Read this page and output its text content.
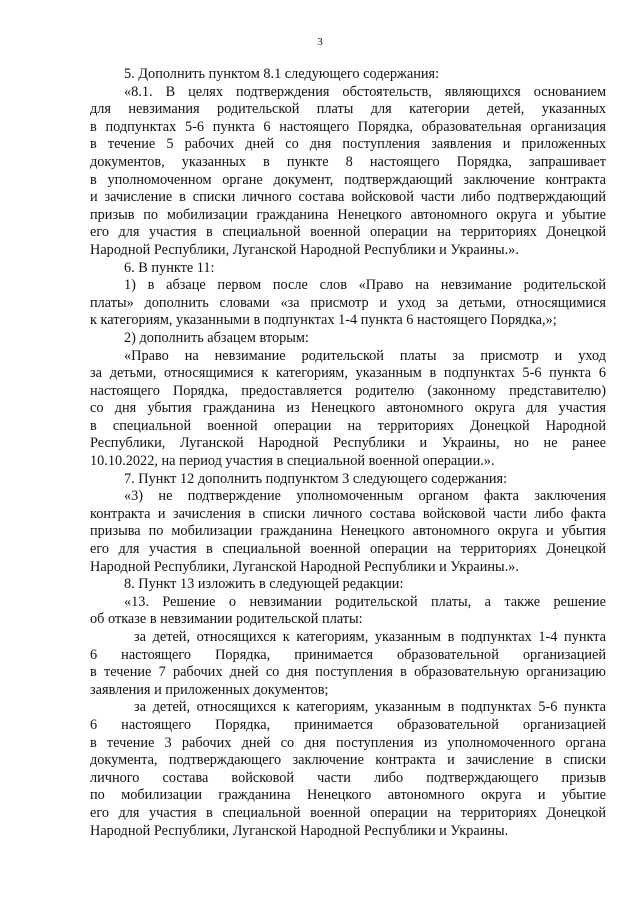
3
5. Дополнить пунктом 8.1 следующего содержания:
«8.1. В целях подтверждения обстоятельств, являющихся основанием
для невзимания родительской платы для категории детей, указанных
в подпунктах 5-6 пункта 6 настоящего Порядка, образовательная организация
в течение 5 рабочих дней со дня поступления заявления и приложенных
документов, указанных в пункте 8 настоящего Порядка, запрашивает
в уполномоченном органе документ, подтверждающий заключение контракта
и зачисление в списки личного состава войсковой части либо подтверждающий
призыв по мобилизации гражданина Ненецкого автономного округа и убытие
его для участия в специальной военной операции на территориях Донецкой
Народной Республики, Луганской Народной Республики и Украины.».
6. В пункте 11:
1) в абзаце первом после слов «Право на невзимание родительской
платы» дополнить словами «за присмотр и уход за детьми, относящимися
к категориям, указанными в подпунктах 1-4 пункта 6 настоящего Порядка,»;
2) дополнить абзацем вторым:
«Право на невзимание родительской платы за присмотр и уход
за детьми, относящимися к категориям, указанным в подпунктах 5-6 пункта 6
настоящего Порядка, предоставляется родителю (законному представителю)
со дня убытия гражданина из Ненецкого автономного округа для участия
в специальной военной операции на территориях Донецкой Народной
Республики, Луганской Народной Республики и Украины, но не ранее
10.10.2022, на период участия в специальной военной операции.».
7. Пункт 12 дополнить подпунктом 3 следующего содержания:
«3) не подтверждение уполномоченным органом факта заключения
контракта и зачисления в списки личного состава войсковой части либо факта
призыва по мобилизации гражданина Ненецкого автономного округа и убытия
его для участия в специальной военной операции на территориях Донецкой
Народной Республики, Луганской Народной Республики и Украины.».
8. Пункт 13 изложить в следующей редакции:
«13. Решение о невзимании родительской платы, а также решение
об отказе в невзимании родительской платы:
за детей, относящихся к категориям, указанным в подпунктах 1-4 пункта
6 настоящего Порядка, принимается образовательной организацией
в течение 7 рабочих дней со дня поступления в образовательную организацию
заявления и приложенных документов;
за детей, относящихся к категориям, указанным в подпунктах 5-6 пункта
6 настоящего Порядка, принимается образовательной организацией
в течение 3 рабочих дней со дня поступления из уполномоченного органа
документа, подтверждающего заключение контракта и зачисление в списки
личного состава войсковой части либо подтверждающего призыв
по мобилизации гражданина Ненецкого автономного округа и убытие
его для участия в специальной военной операции на территориях Донецкой
Народной Республики, Луганской Народной Республики и Украины.
